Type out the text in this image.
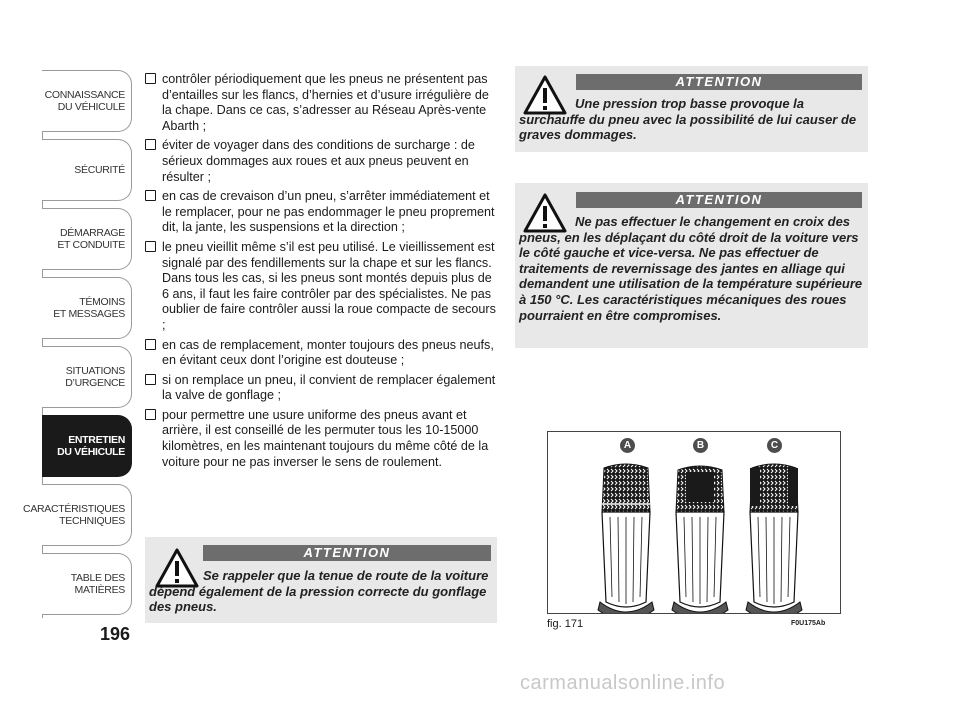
CONNAISSANCE
DU VÉHICULE
SÉCURITÉ
DÉMARRAGE
ET CONDUITE
TÉMOINS
ET MESSAGES
SITUATIONS
D’URGENCE
ENTRETIEN
DU VÉHICULE
CARACTÉRISTIQUES
TECHNIQUES
TABLE DES
MATIÈRES
196
contrôler périodiquement que les pneus ne présentent pas d’entailles sur les flancs, d’hernies et d’usure irrégulière de la chape. Dans ce cas, s’adresser au Réseau Après-vente Abarth ;
éviter de voyager dans des conditions de surcharge : de sérieux dommages aux roues et aux pneus peuvent en résulter ;
en cas de crevaison d’un pneu, s’arrêter immédiatement et le remplacer, pour ne pas endommager le pneu proprement dit, la jante, les suspensions et la direction ;
le pneu vieillit même s’il est peu utilisé. Le vieillissement est signalé par des fendillements sur la chape et sur les flancs. Dans tous les cas, si les pneus sont montés depuis plus de 6 ans, il faut les faire contrôler par des spécialistes. Ne pas oublier de faire contrôler aussi la roue compacte de secours ;
en cas de remplacement, monter toujours des pneus neufs, en évitant ceux dont l’origine est douteuse ;
si on remplace un pneu, il convient de remplacer également la valve de gonflage ;
pour permettre une usure uniforme des pneus avant et arrière, il est conseillé de les permuter tous les 10-15000 kilomètres, en les maintenant toujours du même côté de la voiture pour ne pas inverser le sens de roulement.
ATTENTION
Se rappeler que la tenue de route de la voiture dépend également de la pression correcte du gonflage des pneus.
ATTENTION
Une pression trop basse provoque la surchauffe du pneu avec la possibilité de lui causer de graves dommages.
ATTENTION
Ne pas effectuer le changement en croix des pneus, en les déplaçant du côté droit de la voiture vers le côté gauche et vice-versa. Ne pas effectuer de traitements de revernissage des jantes en alliage qui demandent une utilisation de la température supérieure à 150 °C. Les caractéristiques mécaniques des roues pourraient en être compromises.
A	B	C
fig. 171	F0U175Ab
carmanualsonline.info
